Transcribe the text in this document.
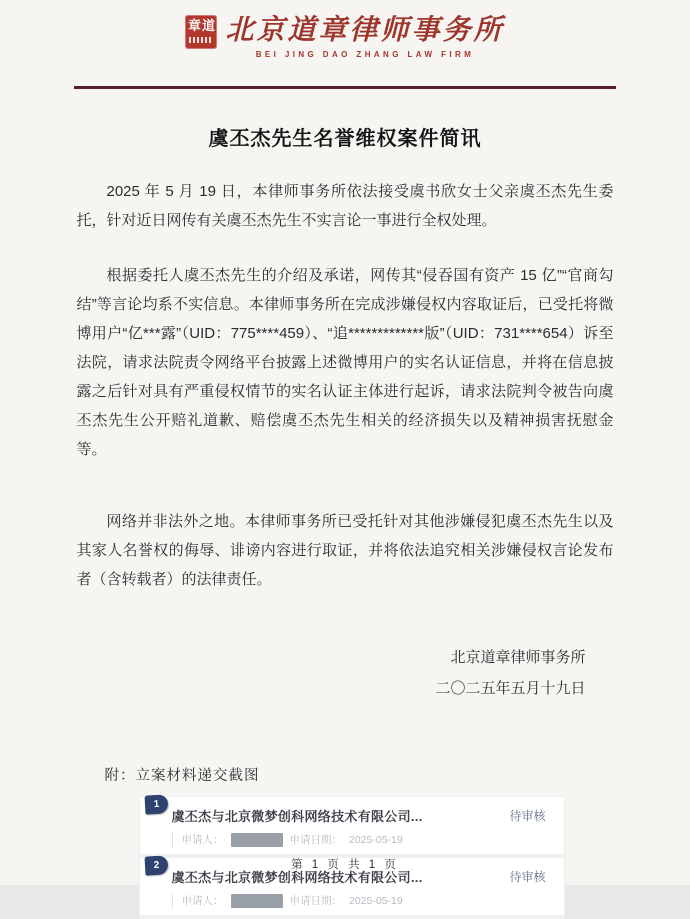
章 道 北京道章律师事务所
BEI JING DAO ZHANG LAW FIRM
虞丕杰先生名誉维权案件简讯

2025 年 5 月 19 日，本律师事务所依法接受虞书欣女士父亲虞丕杰先生委托，针对近日网传有关虞丕杰先生不实言论一事进行全权处理。

根据委托人虞丕杰先生的介绍及承诺，网传其“侵吞国有资产 15 亿”“官商勾结”等言论均系不实信息。本律师事务所在完成涉嫌侵权内容取证后，已受托将微博用户“亿***露”（UID：775****459）、“追*************版”（UID：731****654）诉至法院，请求法院责令网络平台披露上述微博用户的实名认证信息，并将在信息披露之后针对具有严重侵权情节的实名认证主体进行起诉，请求法院判令被告向虞丕杰先生公开赔礼道歉、赔偿虞丕杰先生相关的经济损失以及精神损害抚慰金等。

网络并非法外之地。本律师事务所已受托针对其他涉嫌侵犯虞丕杰先生以及其家人名誉权的侮辱、诽谤内容进行取证，并将依法追究相关涉嫌侵权言论发布者（含转载者）的法律责任。

北京道章律师事务所
二〇二五年五月十九日
附：立案材料递交截图
1
虞丕杰与北京微梦创科网络技术有限公司...	待审核
申请人：	申请日期： 2025-05-19
2
虞丕杰与北京微梦创科网络技术有限公司...	待审核
申请人：	申请日期： 2025-05-19
第 1 页 共 1 页
